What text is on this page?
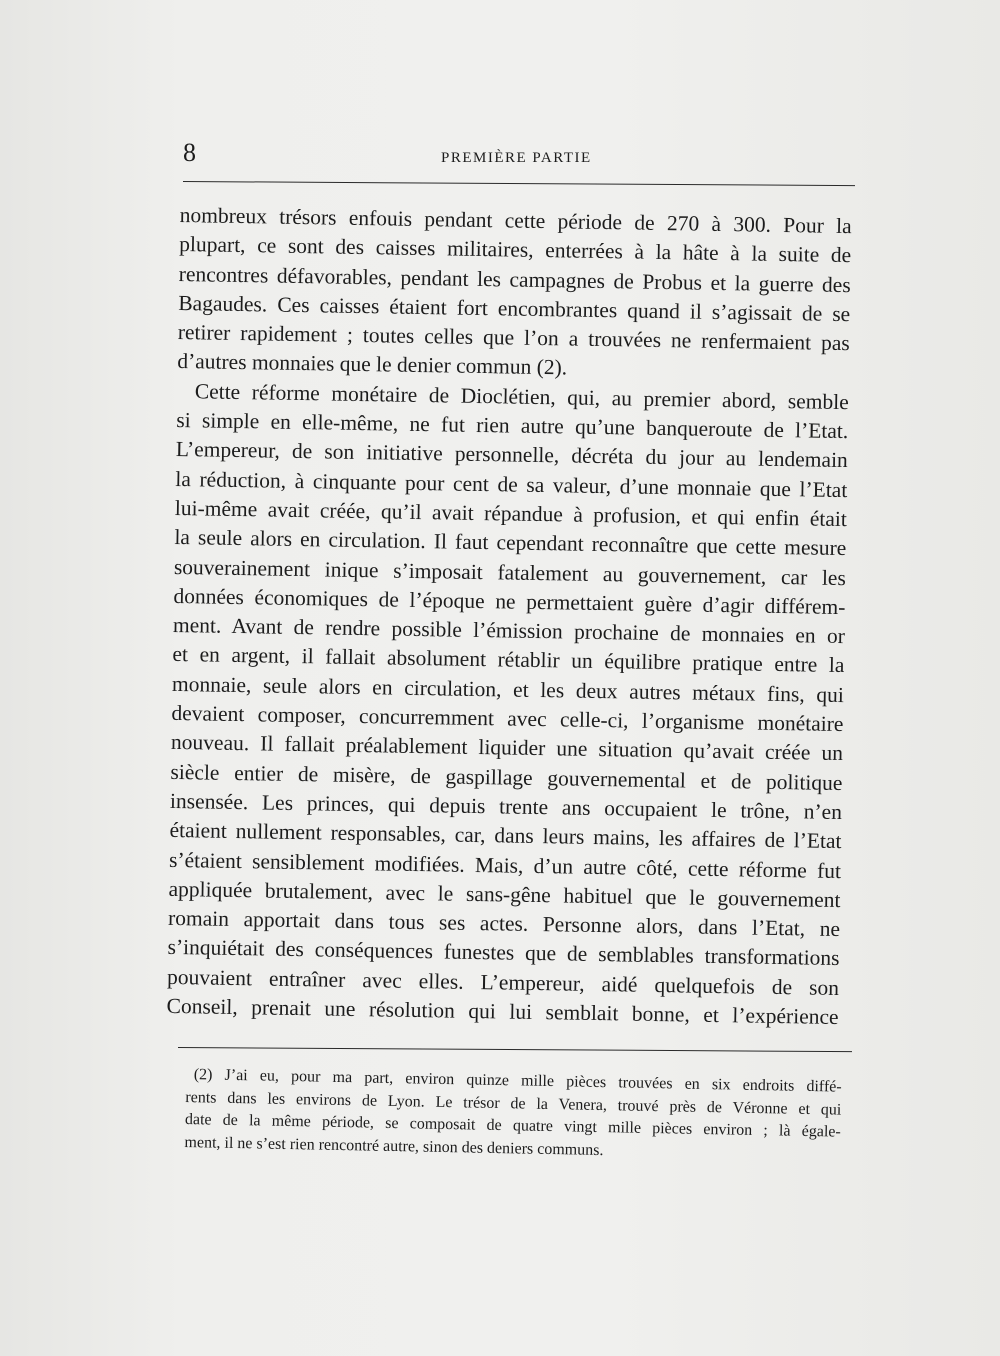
8	PREMIÈRE PARTIE
nombreux trésors enfouis pendant cette période de 270 à 300. Pour la
plupart, ce sont des caisses militaires, enterrées à la hâte à la suite de
rencontres défavorables, pendant les campagnes de Probus et la guerre des
Bagaudes. Ces caisses étaient fort encombrantes quand il s’agissait de se
retirer rapidement ; toutes celles que l’on a trouvées ne renfermaient pas
d’autres monnaies que le denier commun (2).
Cette réforme monétaire de Dioclétien, qui, au premier abord, semble
si simple en elle-même, ne fut rien autre qu’une banqueroute de l’Etat.
L’empereur, de son initiative personnelle, décréta du jour au lendemain
la réduction, à cinquante pour cent de sa valeur, d’une monnaie que l’Etat
lui-même avait créée, qu’il avait répandue à profusion, et qui enfin était
la seule alors en circulation. Il faut cependant reconnaître que cette mesure
souverainement inique s’imposait fatalement au gouvernement, car les
données économiques de l’époque ne permettaient guère d’agir différem-
ment. Avant de rendre possible l’émission prochaine de monnaies en or
et en argent, il fallait absolument rétablir un équilibre pratique entre la
monnaie, seule alors en circulation, et les deux autres métaux fins, qui
devaient composer, concurremment avec celle-ci, l’organisme monétaire
nouveau. Il fallait préalablement liquider une situation qu’avait créée un
siècle entier de misère, de gaspillage gouvernemental et de politique
insensée. Les princes, qui depuis trente ans occupaient le trône, n’en
étaient nullement responsables, car, dans leurs mains, les affaires de l’Etat
s’étaient sensiblement modifiées. Mais, d’un autre côté, cette réforme fut
appliquée brutalement, avec le sans-gêne habituel que le gouvernement
romain apportait dans tous ses actes. Personne alors, dans l’Etat, ne
s’inquiétait des conséquences funestes que de semblables transformations
pouvaient entraîner avec elles. L’empereur, aidé quelquefois de son
Conseil, prenait une résolution qui lui semblait bonne, et l’expérience
(2) J’ai eu, pour ma part, environ quinze mille pièces trouvées en six endroits diffé-
rents dans les environs de Lyon. Le trésor de la Venera, trouvé près de Véronne et qui
date de la même période, se composait de quatre vingt mille pièces environ ; là égale-
ment, il ne s’est rien rencontré autre, sinon des deniers communs.
